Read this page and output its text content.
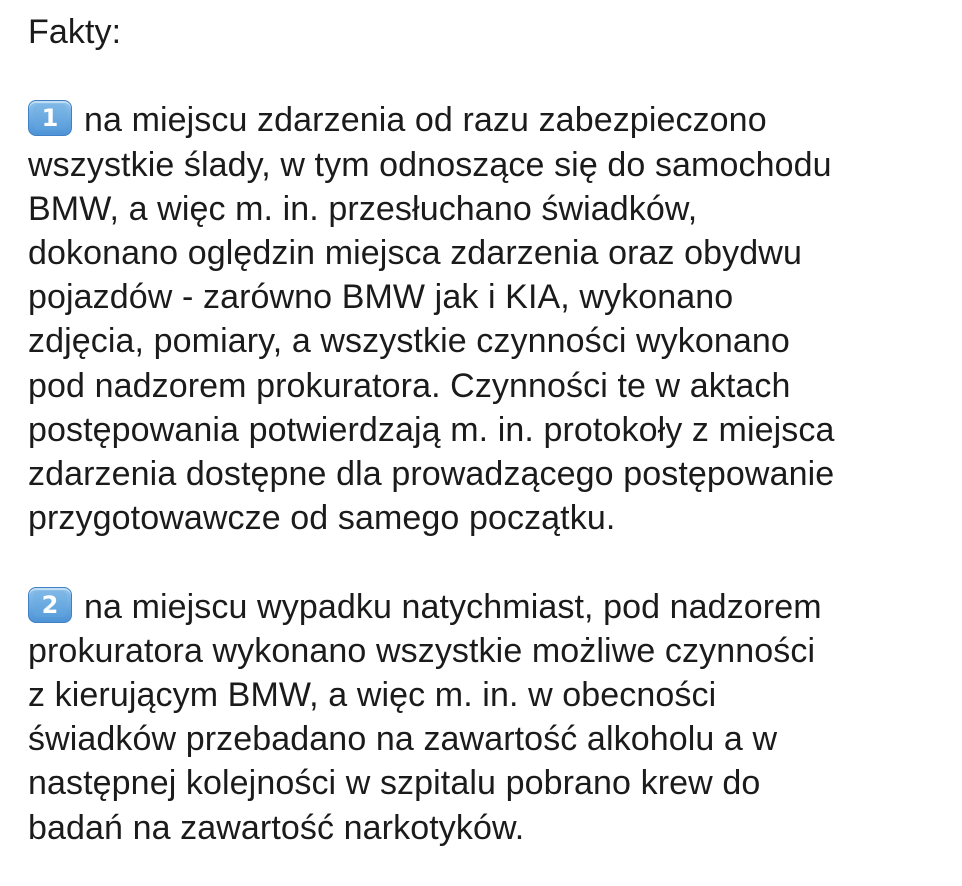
Fakty:
1 na miejscu zdarzenia od razu zabezpieczono
wszystkie ślady, w tym odnoszące się do samochodu
BMW, a więc m. in. przesłuchano świadków,
dokonano oględzin miejsca zdarzenia oraz obydwu
pojazdów - zarówno BMW jak i KIA, wykonano
zdjęcia, pomiary, a wszystkie czynności wykonano
pod nadzorem prokuratora. Czynności te w aktach
postępowania potwierdzają m. in. protokoły z miejsca
zdarzenia dostępne dla prowadzącego postępowanie
przygotowawcze od samego początku.
2 na miejscu wypadku natychmiast, pod nadzorem
prokuratora wykonano wszystkie możliwe czynności
z kierującym BMW, a więc m. in. w obecności
świadków przebadano na zawartość alkoholu a w
następnej kolejności w szpitalu pobrano krew do
badań na zawartość narkotyków.
